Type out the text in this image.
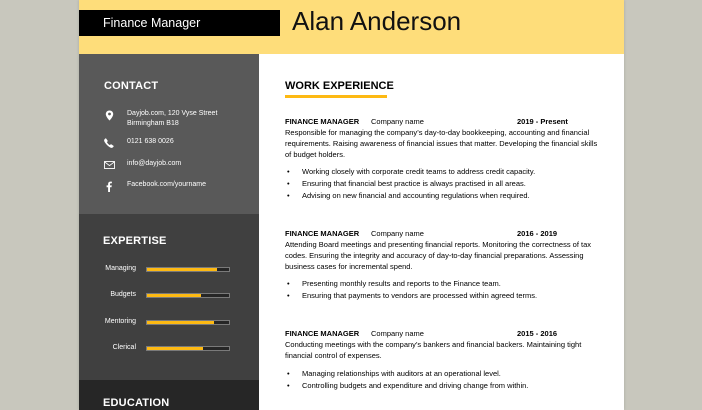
Finance Manager	Alan Anderson
CONTACT
Dayjob.com, 120 Vyse Street
Birmingham B18
0121 638 0026
info@dayjob.com
Facebook.com/yourname
EXPERTISE
Managing
Budgets
Mentoring
Clerical
EDUCATION
WORK EXPERIENCE
FINANCE MANAGER Company name	2019 - Present

Responsible for managing the company’s day-to-day bookkeeping, accounting and financial requirements. Raising awareness of financial issues that matter. Developing the financial skills of budget holders.

• Working closely with corporate credit teams to address credit capacity.
• Ensuring that financial best practice is always practised in all areas.
• Advising on new financial and accounting regulations when required.
FINANCE MANAGER Company name	2016 - 2019

Attending Board meetings and presenting financial reports. Monitoring the correctness of tax codes. Ensuring the integrity and accuracy of day-to-day financial preparations. Assessing business cases for incremental spend.

• Presenting monthly results and reports to the Finance team.
• Ensuring that payments to vendors are processed within agreed terms.
FINANCE MANAGER Company name	2015 - 2016

Conducting meetings with the company’s bankers and financial backers. Maintaining tight financial control of expenses.

• Managing relationships with auditors at an operational level.
• Controlling budgets and expenditure and driving change from within.
